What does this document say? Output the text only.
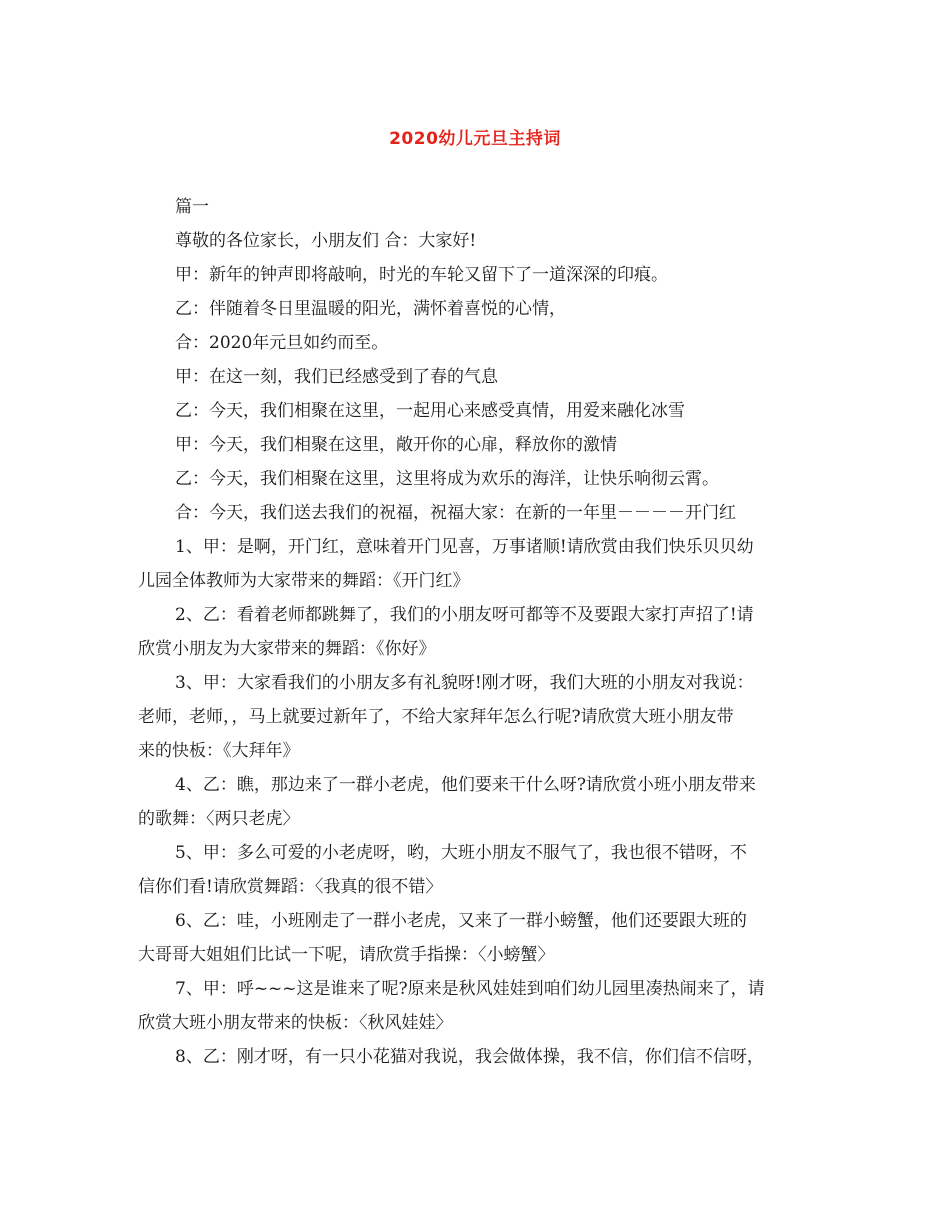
2020幼儿元旦主持词
篇一
尊敬的各位家长，小朋友们 合：大家好!
甲：新年的钟声即将敲响，时光的车轮又留下了一道深深的印痕。
乙：伴随着冬日里温暖的阳光，满怀着喜悦的心情，
合：2020年元旦如约而至。
甲：在这一刻，我们已经感受到了春的气息
乙：今天，我们相聚在这里，一起用心来感受真情，用爱来融化冰雪
甲：今天，我们相聚在这里，敞开你的心扉，释放你的激情
乙：今天，我们相聚在这里，这里将成为欢乐的海洋，让快乐响彻云霄。
合：今天，我们送去我们的祝福，祝福大家：在新的一年里－－－－开门红
1、甲：是啊，开门红，意味着开门见喜，万事诸顺!请欣赏由我们快乐贝贝幼
儿园全体教师为大家带来的舞蹈：《开门红》
2、乙：看着老师都跳舞了，我们的小朋友呀可都等不及要跟大家打声招了!请
欣赏小朋友为大家带来的舞蹈：《你好》
3、甲：大家看我们的小朋友多有礼貌呀!刚才呀，我们大班的小朋友对我说：
老师，老师，，马上就要过新年了，不给大家拜年怎么行呢?请欣赏大班小朋友带
来的快板：《大拜年》
4、乙：瞧，那边来了一群小老虎，他们要来干什么呀?请欣赏小班小朋友带来
的歌舞：〈两只老虎〉
5、甲：多么可爱的小老虎呀，哟，大班小朋友不服气了，我也很不错呀，不
信你们看!请欣赏舞蹈：〈我真的很不错〉
6、乙：哇，小班刚走了一群小老虎，又来了一群小螃蟹，他们还要跟大班的
大哥哥大姐姐们比试一下呢，请欣赏手指操：〈小螃蟹〉
7、甲：呼~~~这是谁来了呢?原来是秋风娃娃到咱们幼儿园里凑热闹来了，请
欣赏大班小朋友带来的快板：〈秋风娃娃〉
8、乙：刚才呀，有一只小花猫对我说，我会做体操，我不信，你们信不信呀，
